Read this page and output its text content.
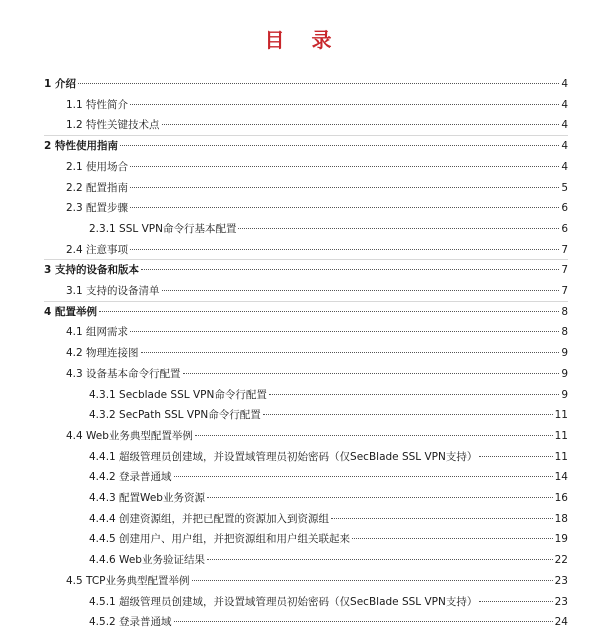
目 录
1 介绍	4
1.1 特性简介	4
1.2 特性关键技术点	4
2 特性使用指南	4
2.1 使用场合	4
2.2 配置指南	5
2.3 配置步骤	6
2.3.1 SSL VPN命令行基本配置	6
2.4 注意事项	7
3 支持的设备和版本	7
3.1 支持的设备清单	7
4 配置举例	8
4.1 组网需求	8
4.2 物理连接图	9
4.3 设备基本命令行配置	9
4.3.1 Secblade SSL VPN命令行配置	9
4.3.2 SecPath SSL VPN命令行配置	11
4.4 Web业务典型配置举例	11
4.4.1 超级管理员创建域，并设置域管理员初始密码（仅SecBlade SSL VPN支持）	11
4.4.2 登录普通域	14
4.4.3 配置Web业务资源	16
4.4.4 创建资源组，并把已配置的资源加入到资源组	18
4.4.5 创建用户、用户组，并把资源组和用户组关联起来	19
4.4.6 Web业务验证结果	22
4.5 TCP业务典型配置举例	23
4.5.1 超级管理员创建域，并设置域管理员初始密码（仅SecBlade SSL VPN支持）	23
4.5.2 登录普通域	24
